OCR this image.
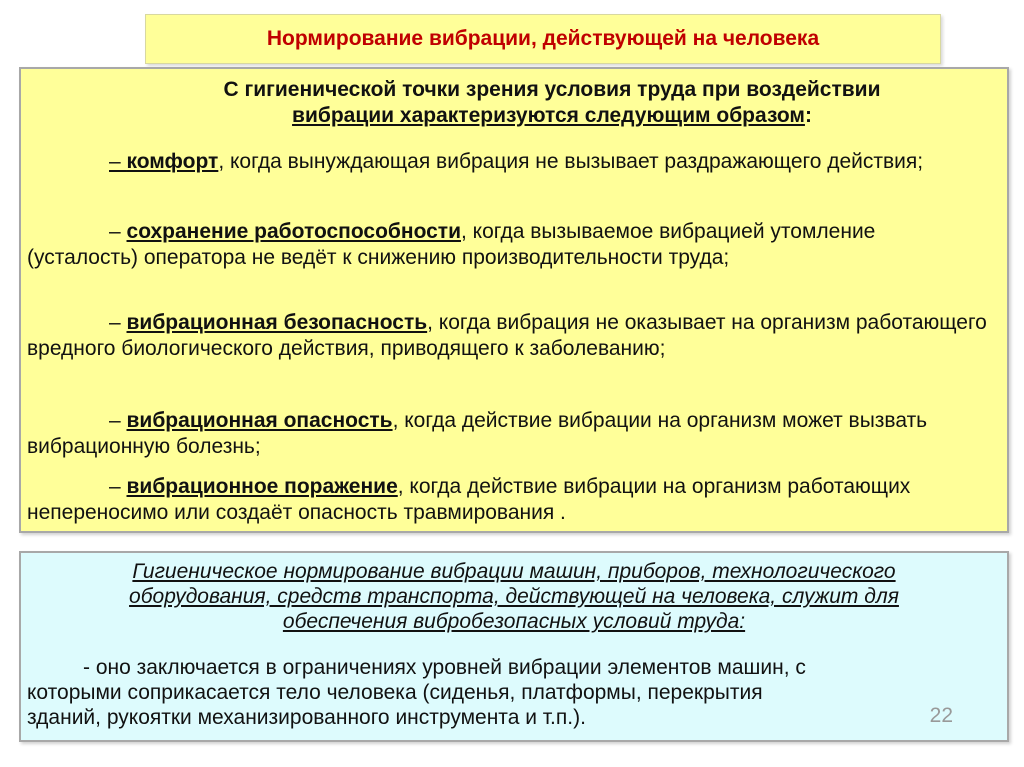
Нормирование вибрации, действующей на человека
С гигиенической точки зрения условия труда при воздействии
вибрации характеризуются следующим образом:
– комфорт, когда вынуждающая вибрация не вызывает раздражающего действия;
– сохранение работоспособности, когда вызываемое вибрацией утомление (усталость) оператора не ведёт к снижению производительности труда;
– вибрационная безопасность, когда вибрация не оказывает на организм работающего вредного биологического действия, приводящего к заболеванию;
– вибрационная опасность, когда действие вибрации на организм может вызвать вибрационную болезнь;
– вибрационное поражение, когда действие вибрации на организм работающих непереносимо или создаёт опасность травмирования .
Гигиеническое нормирование вибрации машин, приборов, технологического
оборудования, средств транспорта, действующей на человека, служит для
обеспечения вибробезопасных условий труда:
- оно заключается в ограничениях уровней вибрации элементов машин, с
которыми соприкасается тело человека (сиденья, платформы, перекрытия
зданий, рукоятки механизированного инструмента и т.п.).	22
